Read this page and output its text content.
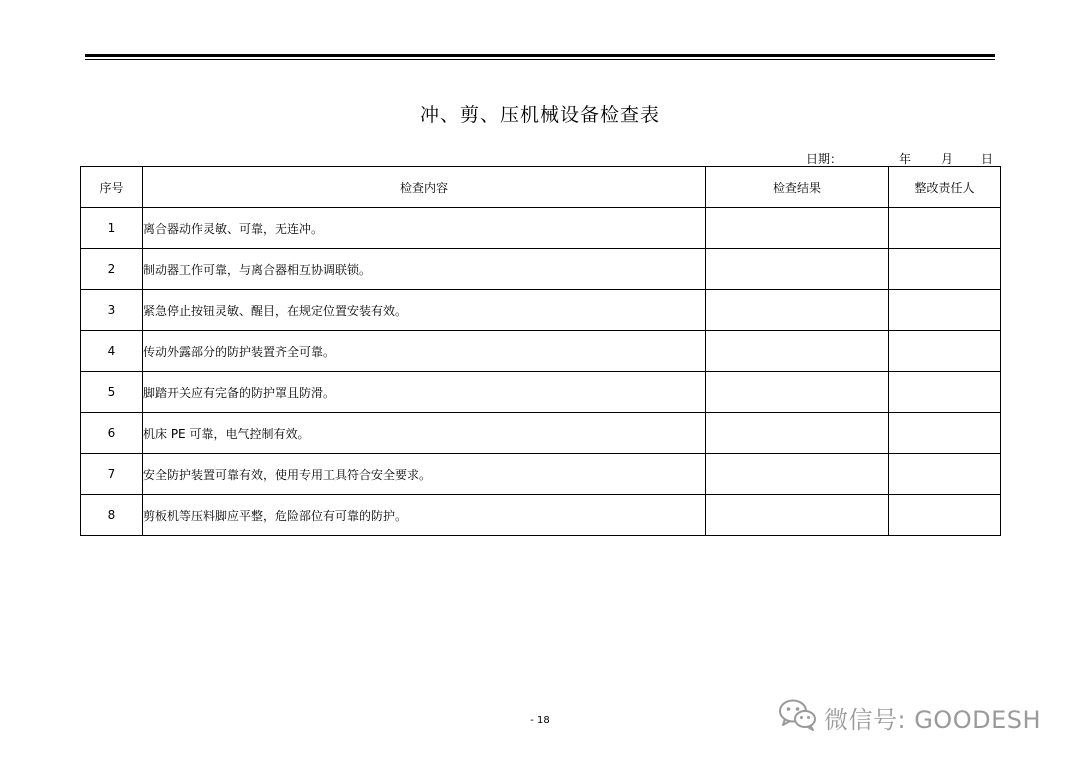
冲、剪、压机械设备检查表
日期：	年 月 日
序号	检查内容	检查结果	整改责任人
1	离合器动作灵敏、可靠，无连冲。		
2	制动器工作可靠，与离合器相互协调联锁。		
3	紧急停止按钮灵敏、醒目，在规定位置安装有效。		
4	传动外露部分的防护装置齐全可靠。		
5	脚踏开关应有完备的防护罩且防滑。		
6	机床 PE 可靠，电气控制有效。		
7	安全防护装置可靠有效，使用专用工具符合安全要求。		
8	剪板机等压料脚应平整，危险部位有可靠的防护。		
- 18	微信号: GOODESH
